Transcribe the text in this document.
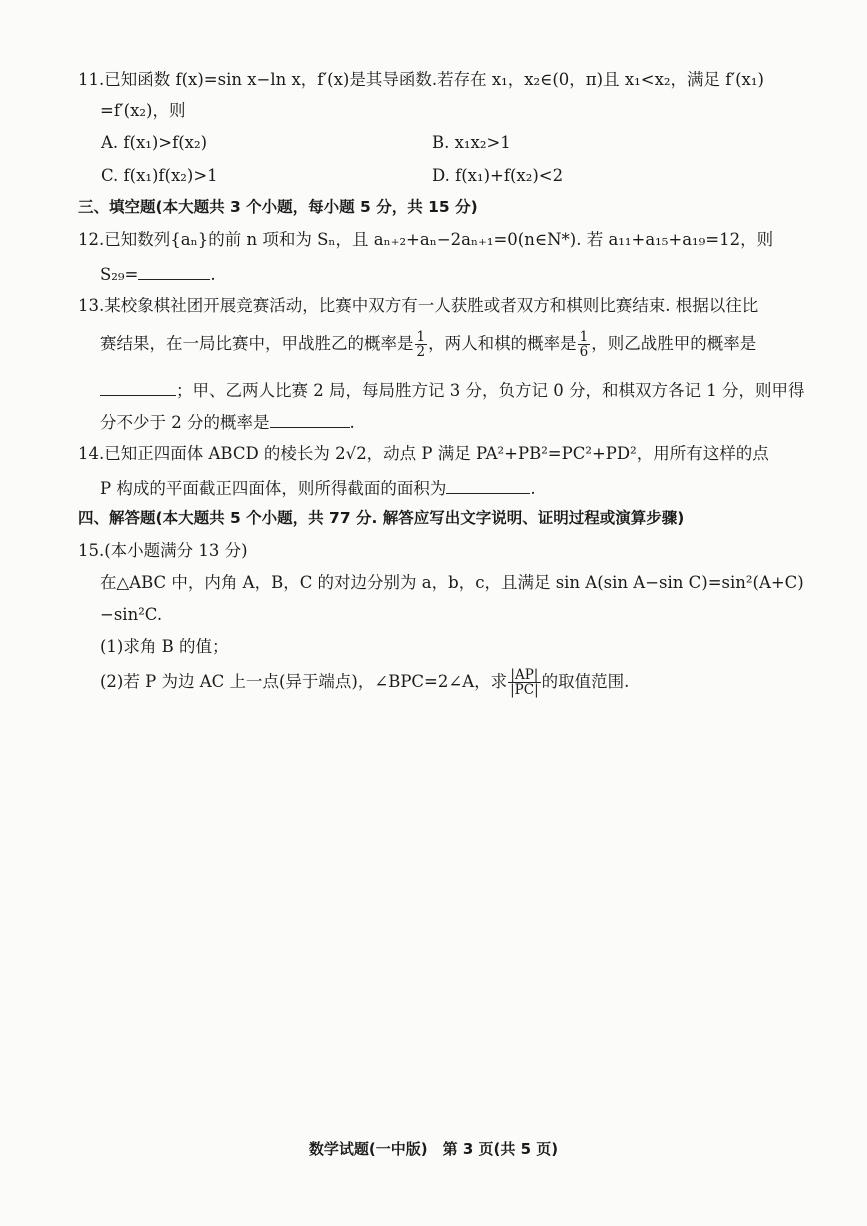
11.已知函数 f(x)=sin x−ln x，f′(x)是其导函数.若存在 x₁，x₂∈(0，π)且 x₁<x₂，满足 f′(x₁)
=f′(x₂)，则
A. f(x₁)>f(x₂)	B. x₁x₂>1
C. f(x₁)f(x₂)>1	D. f(x₁)+f(x₂)<2
三、填空题(本大题共 3 个小题，每小题 5 分，共 15 分)
12.已知数列{aₙ}的前 n 项和为 Sₙ，且 aₙ₊₂+aₙ−2aₙ₊₁=0(n∈N*). 若 a₁₁+a₁₅+a₁₉=12，则
S₂₉=	.
13.某校象棋社团开展竞赛活动，比赛中双方有一人获胜或者双方和棋则比赛结束. 根据以往比
赛结果，在一局比赛中，甲战胜乙的概率是 $\frac{1}{2}$ ，两人和棋的概率是 $\frac{1}{6}$ ，则乙战胜甲的概率是
；甲、乙两人比赛 2 局，每局胜方记 3 分，负方记 0 分，和棋双方各记 1 分，则甲得
分不少于 2 分的概率是	.
14.已知正四面体 ABCD 的棱长为 2√2，动点 P 满足 PA²+PB²=PC²+PD²，用所有这样的点
P 构成的平面截正四面体，则所得截面的面积为	.
四、解答题(本大题共 5 个小题，共 77 分. 解答应写出文字说明、证明过程或演算步骤)
15.(本小题满分 13 分)
在△ABC 中，内角 A，B，C 的对边分别为 a，b，c，且满足 sin A(sin A−sin C)=sin²(A+C)
−sin²C.
(1)求角 B 的值；
(2)若 P 为边 AC 上一点(异于端点)，∠BPC=2∠A，求 $\frac{|AP|}{|PC|}$ 的取值范围.
数学试题(一中版)　第 3 页(共 5 页)
